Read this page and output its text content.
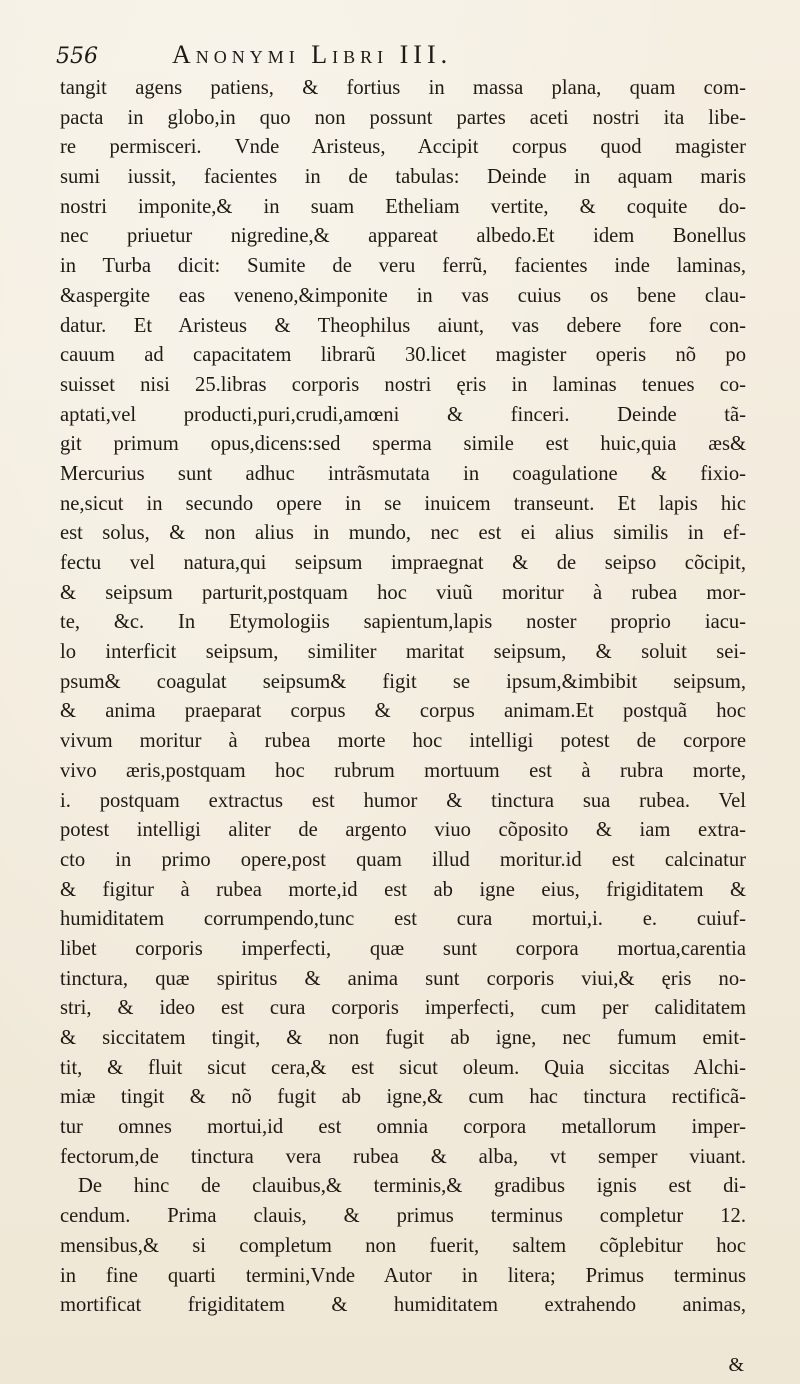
556	Anonymi Libri III.
tangit agens patiens, & fortius in massa plana, quam com-
pacta in globo,in quo non possunt partes aceti nostri ita libe-
re permisceri. Vnde Aristeus, Accipit corpus quod magister
sumi iussit, facientes in de tabulas: Deinde in aquam maris
nostri imponite,& in suam Etheliam vertite, & coquite do-
nec priuetur nigredine,& appareat albedo.Et idem Bonellus
in Turba dicit: Sumite de veru ferrũ, facientes inde laminas,
&aspergite eas veneno,&imponite in vas cuius os bene clau-
datur. Et Aristeus & Theophilus aiunt, vas debere fore con-
cauum ad capacitatem librarũ 30.licet magister operis nõ po
suisset nisi 25.libras corporis nostri ęris in laminas tenues co-
aptati,vel producti,puri,crudi,amœni & finceri. Deinde tã-
git primum opus,dicens:sed sperma simile est huic,quia æs&
Mercurius sunt adhuc intrãsmutata in coagulatione & fixio-
ne,sicut in secundo opere in se inuicem transeunt. Et lapis hic
est solus, & non alius in mundo, nec est ei alius similis in ef-
fectu vel natura,qui seipsum impraegnat & de seipso cõcipit,
& seipsum parturit,postquam hoc viuũ moritur à rubea mor-
te, &c. In Etymologiis sapientum,lapis noster proprio iacu-
lo interficit seipsum, similiter maritat seipsum, & soluit sei-
psum& coagulat seipsum& figit se ipsum,&imbibit seipsum,
& anima praeparat corpus & corpus animam.Et postquã hoc
vivum moritur à rubea morte hoc intelligi potest de corpore
vivo æris,postquam hoc rubrum mortuum est à rubra morte,
i. postquam extractus est humor & tinctura sua rubea. Vel
potest intelligi aliter de argento viuo cõposito & iam extra-
cto in primo opere,post quam illud moritur.id est calcinatur
& figitur à rubea morte,id est ab igne eius, frigiditatem &
humiditatem corrumpendo,tunc est cura mortui,i. e. cuiuf-
libet corporis imperfecti, quæ sunt corpora mortua,carentia
tinctura, quæ spiritus & anima sunt corporis viui,& ęris no-
stri, & ideo est cura corporis imperfecti, cum per caliditatem
& siccitatem tingit, & non fugit ab igne, nec fumum emit-
tit, & fluit sicut cera,& est sicut oleum. Quia siccitas Alchi-
miæ tingit & nõ fugit ab igne,& cum hac tinctura rectificã-
tur omnes mortui,id est omnia corpora metallorum imper-
fectorum,de tinctura vera rubea & alba, vt semper viuant.
De hinc de clauibus,& terminis,& gradibus ignis est di-
cendum. Prima clauis, & primus terminus completur 12.
mensibus,& si completum non fuerit, saltem cõplebitur hoc
in fine quarti termini,Vnde Autor in litera; Primus terminus
mortificat frigiditatem & humiditatem extrahendo animas,
&
